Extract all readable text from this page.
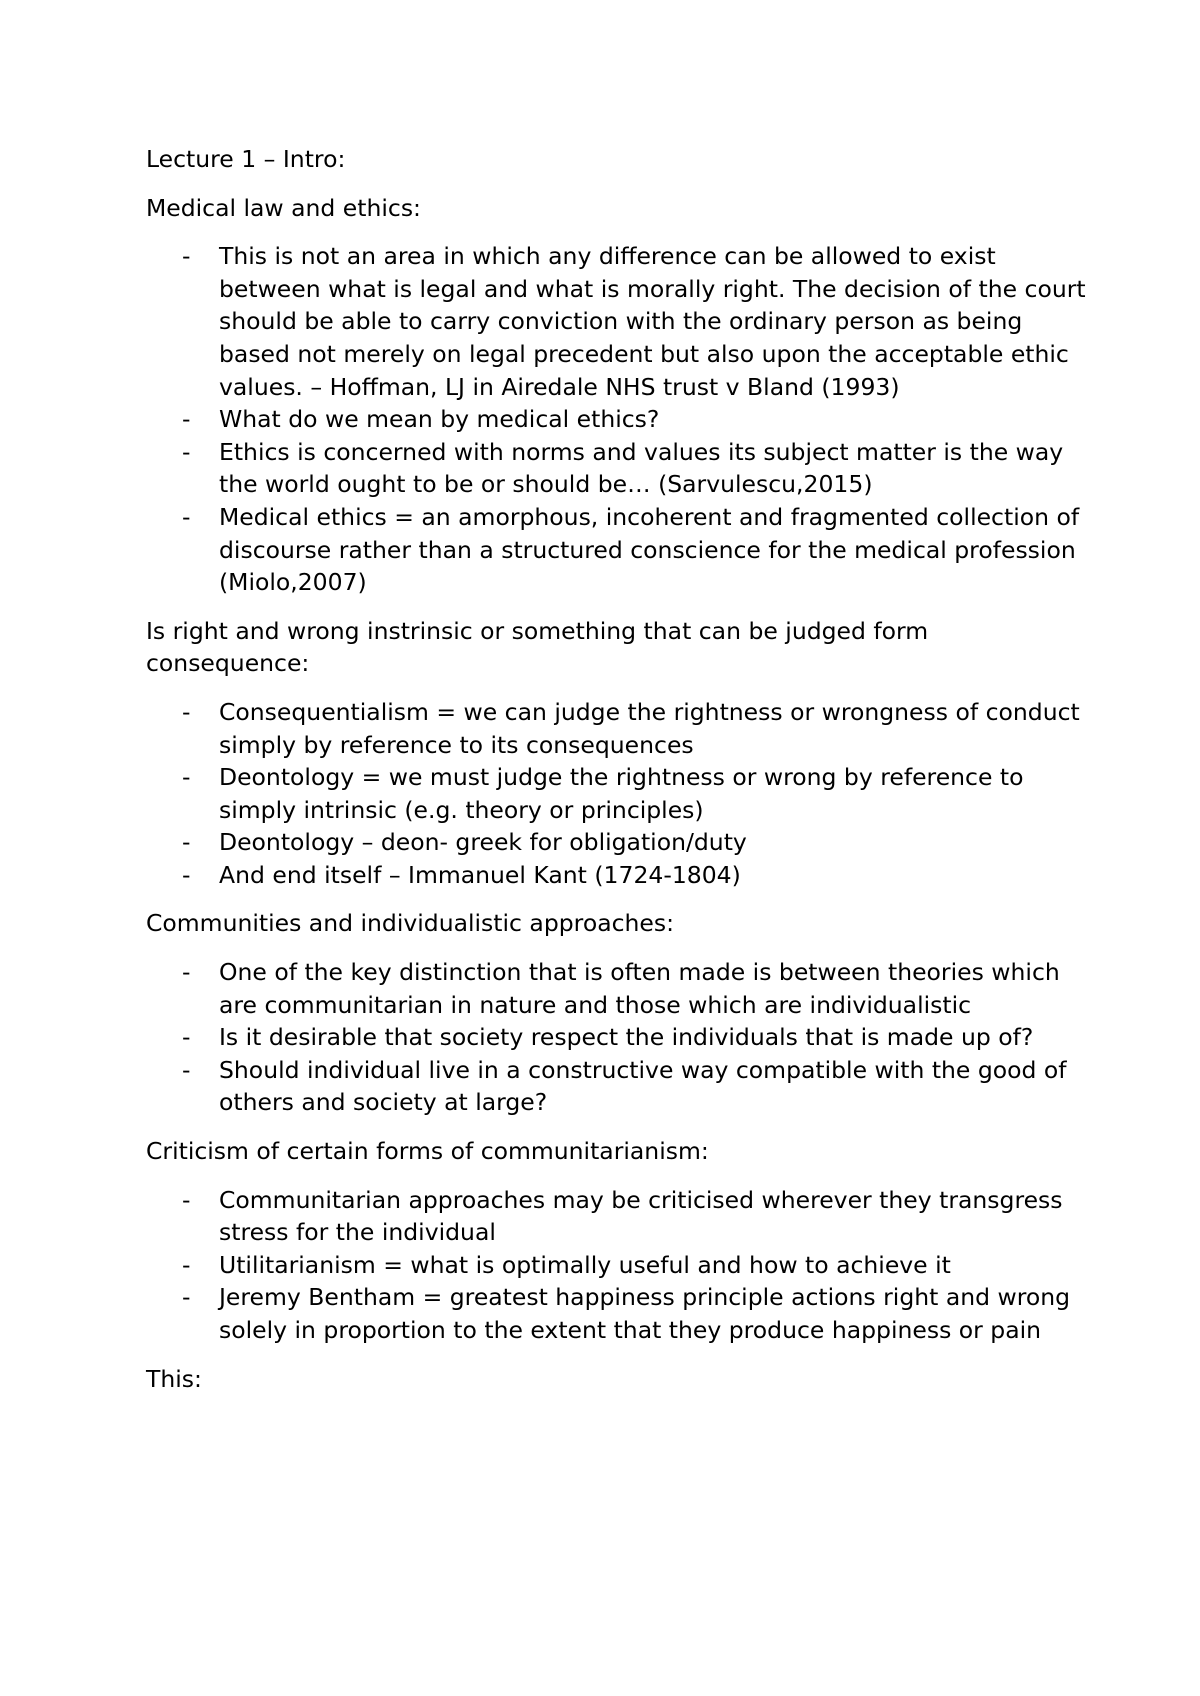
Lecture 1 – Intro:

Medical law and ethics:

- This is not an area in which any difference can be allowed to exist between what is legal and what is morally right. The decision of the court should be able to carry conviction with the ordinary person as being based not merely on legal precedent but also upon the acceptable ethic values. – Hoffman, LJ in Airedale NHS trust v Bland (1993)
- What do we mean by medical ethics?
- Ethics is concerned with norms and values its subject matter is the way the world ought to be or should be… (Sarvulescu,2015)
- Medical ethics = an amorphous, incoherent and fragmented collection of discourse rather than a structured conscience for the medical profession (Miolo,2007)

Is right and wrong instrinsic or something that can be judged form consequence:

- Consequentialism = we can judge the rightness or wrongness of conduct simply by reference to its consequences
- Deontology = we must judge the rightness or wrong by reference to simply intrinsic (e.g. theory or principles)
- Deontology – deon- greek for obligation/duty
- And end itself – Immanuel Kant (1724-1804)

Communities and individualistic approaches:

- One of the key distinction that is often made is between theories which are communitarian in nature and those which are individualistic
- Is it desirable that society respect the individuals that is made up of?
- Should individual live in a constructive way compatible with the good of others and society at large?

Criticism of certain forms of communitarianism:

- Communitarian approaches may be criticised wherever they transgress stress for the individual
- Utilitarianism = what is optimally useful and how to achieve it
- Jeremy Bentham = greatest happiness principle actions right and wrong solely in proportion to the extent that they produce happiness or pain

This:
